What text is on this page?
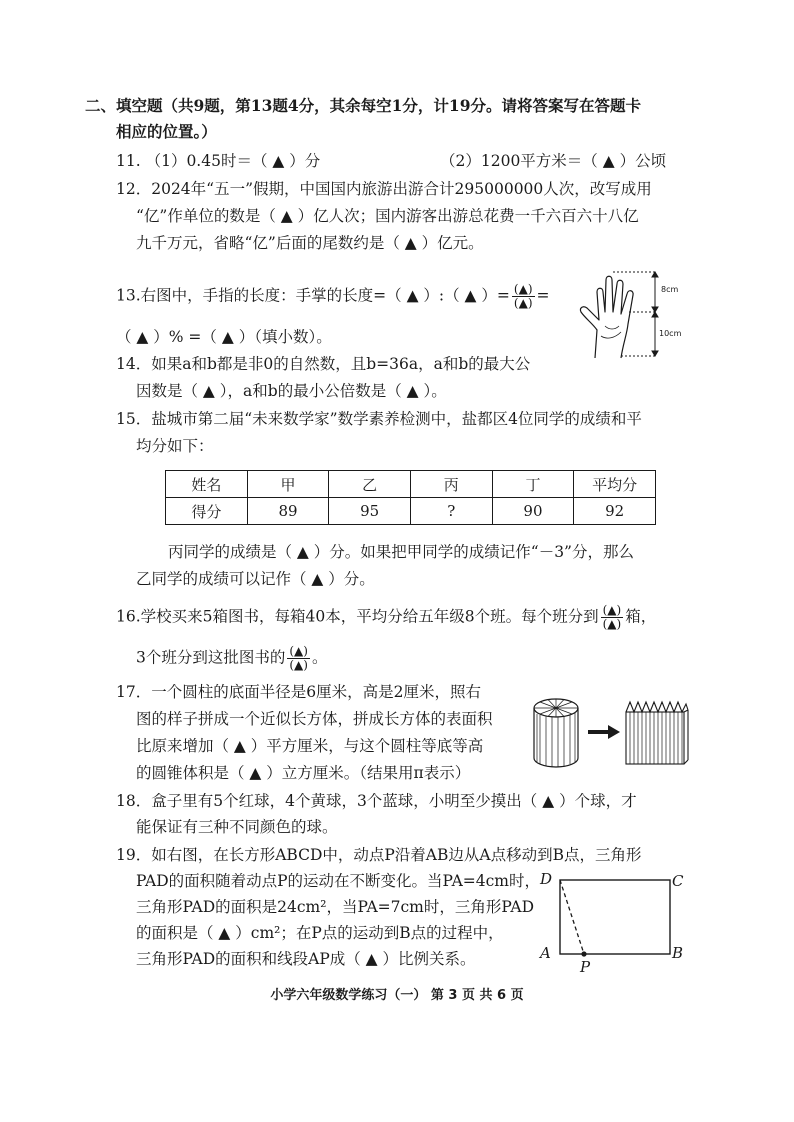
二、填空题（共9题，第13题4分，其余每空1分，计19分。请将答案写在答题卡
相应的位置。）
11. （1）0.45时＝（ ▲ ）分	（2）1200平方米＝（ ▲ ）公顷
12．2024年“五一”假期，中国国内旅游出游合计295000000人次，改写成用
“亿”作单位的数是（ ▲ ）亿人次；国内游客出游总花费一千六百六十八亿
九千万元，省略“亿”后面的尾数约是（ ▲ ）亿元。
13.右图中，手指的长度：手掌的长度=（ ▲ ）:（ ▲ ）= $\frac{(▲)}{(▲)}$ =
（ ▲ ）% =（ ▲ ）（填小数）。
8cm
10cm
14．如果a和b都是非0的自然数，且b=36a，a和b的最大公
因数是（ ▲ ），a和b的最小公倍数是（ ▲ ）。
15．盐城市第二届“未来数学家”数学素养检测中，盐都区4位同学的成绩和平
均分如下：
姓名	甲	乙	丙	丁	平均分
得分	89	95	?	90	92
丙同学的成绩是（ ▲ ）分。如果把甲同学的成绩记作“－3”分，那么
乙同学的成绩可以记作（ ▲ ）分。
16.学校买来5箱图书，每箱40本，平均分给五年级8个班。每个班分到 $\frac{(▲)}{(▲)}$ 箱，
3个班分到这批图书的 $\frac{(▲)}{(▲)}$ 。
17．一个圆柱的底面半径是6厘米，高是2厘米，照右
图的样子拼成一个近似长方体，拼成长方体的表面积
比原来增加（ ▲ ）平方厘米，与这个圆柱等底等高
的圆锥体积是（ ▲ ）立方厘米。（结果用π表示）
18．盒子里有5个红球，4个黄球，3个蓝球，小明至少摸出（ ▲ ）个球，才
能保证有三种不同颜色的球。
19．如右图，在长方形ABCD中，动点P沿着AB边从A点移动到B点，三角形
PAD的面积随着动点P的运动在不断变化。当PA=4cm时，
三角形PAD的面积是24cm²，当PA=7cm时，三角形PAD
的面积是（ ▲ ）cm²；在P点的运动到B点的过程中，
三角形PAD的面积和线段AP成（ ▲ ）比例关系。
D	C
A	B
P
小学六年级数学练习（一） 第 3 页 共 6 页
